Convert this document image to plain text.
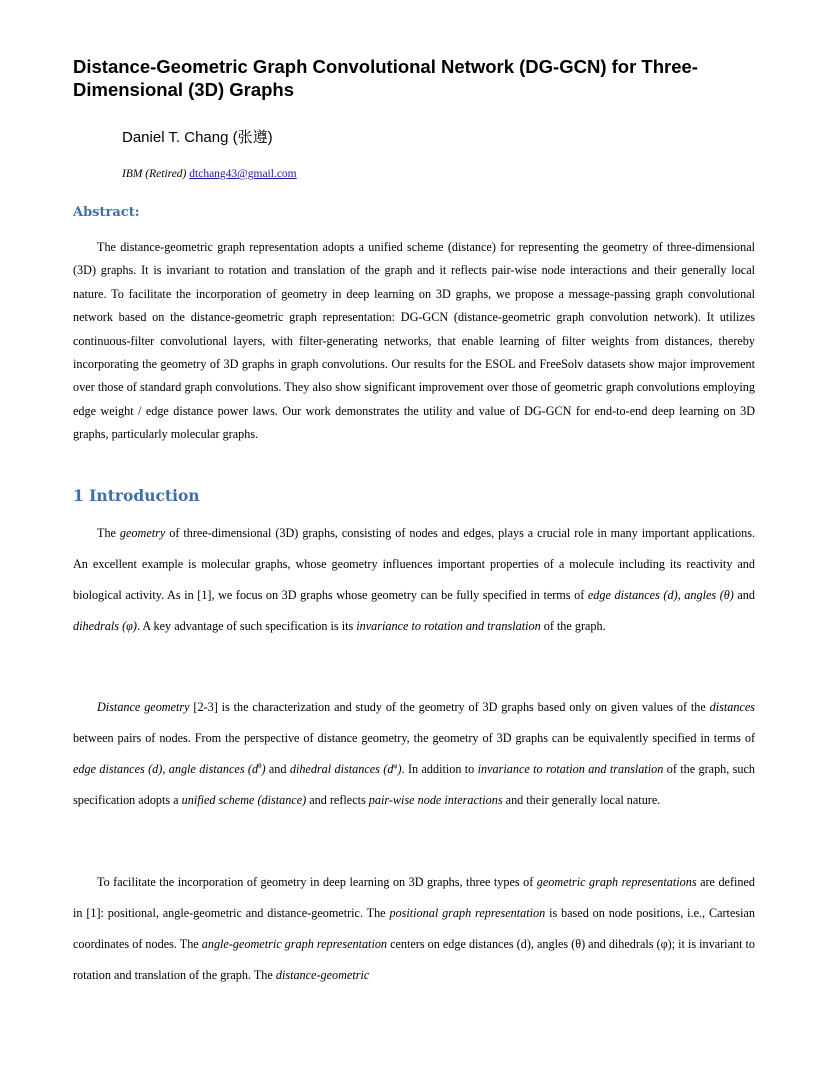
Distance-Geometric Graph Convolutional Network (DG-GCN) for Three-Dimensional (3D) Graphs
Daniel T. Chang (张遵)
IBM (Retired) dtchang43@gmail.com
Abstract:

The distance-geometric graph representation adopts a unified scheme (distance) for representing the geometry of three-dimensional (3D) graphs. It is invariant to rotation and translation of the graph and it reflects pair-wise node interactions and their generally local nature. To facilitate the incorporation of geometry in deep learning on 3D graphs, we propose a message-passing graph convolutional network based on the distance-geometric graph representation: DG-GCN (distance-geometric graph convolution network). It utilizes continuous-filter convolutional layers, with filter-generating networks, that enable learning of filter weights from distances, thereby incorporating the geometry of 3D graphs in graph convolutions. Our results for the ESOL and FreeSolv datasets show major improvement over those of standard graph convolutions. They also show significant improvement over those of geometric graph convolutions employing edge weight / edge distance power laws. Our work demonstrates the utility and value of DG-GCN for end-to-end deep learning on 3D graphs, particularly molecular graphs.

1 Introduction

The geometry of three-dimensional (3D) graphs, consisting of nodes and edges, plays a crucial role in many important applications. An excellent example is molecular graphs, whose geometry influences important properties of a molecule including its reactivity and biological activity. As in [1], we focus on 3D graphs whose geometry can be fully specified in terms of edge distances (d), angles (θ) and dihedrals (φ). A key advantage of such specification is its invariance to rotation and translation of the graph.

Distance geometry [2-3] is the characterization and study of the geometry of 3D graphs based only on given values of the distances between pairs of nodes. From the perspective of distance geometry, the geometry of 3D graphs can be equivalently specified in terms of edge distances (d), angle distances $(d^\theta)$ and dihedral distances $(d^\varphi)$. In addition to invariance to rotation and translation of the graph, such specification adopts a unified scheme (distance) and reflects pair-wise node interactions and their generally local nature.

To facilitate the incorporation of geometry in deep learning on 3D graphs, three types of geometric graph representations are defined in [1]: positional, angle-geometric and distance-geometric. The positional graph representation is based on node positions, i.e., Cartesian coordinates of nodes. The angle-geometric graph representation centers on edge distances (d), angles (θ) and dihedrals (φ); it is invariant to rotation and translation of the graph. The distance-geometric
